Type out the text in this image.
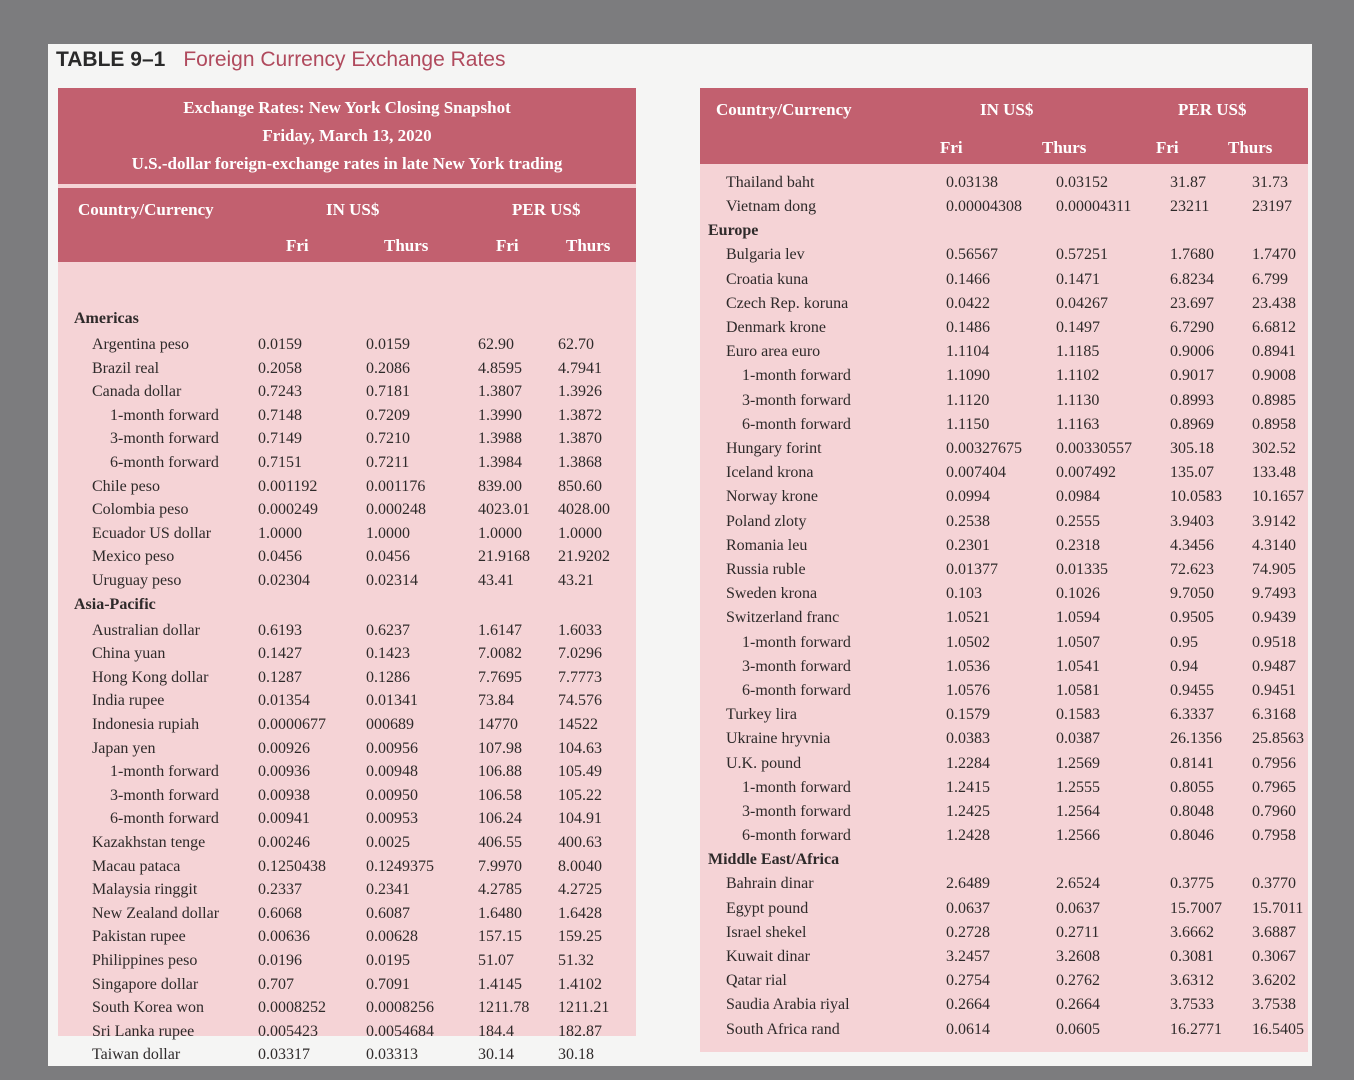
TABLE 9–1 Foreign Currency Exchange Rates
Exchange Rates: New York Closing Snapshot
Friday, March 13, 2020
U.S.-dollar foreign-exchange rates in late New York trading
Country/Currency	IN US$	PER US$
Fri	Thurs	Fri	Thurs
Americas
Argentina peso	0.0159	0.0159	62.90	62.70
Brazil real	0.2058	0.2086	4.8595 4.7941
Canada dollar	0.7243	0.7181	1.3807 1.3926
1-month forward 0.7148	0.7209	1.3990 1.3872
3-month forward 0.7149	0.7210	1.3988 1.3870
6-month forward 0.7151	0.7211	1.3984 1.3868
Chile peso	0.001192	0.001176	839.00 850.60
Colombia peso	0.000249	0.000248	4023.01 4028.00
Ecuador US dollar	1.0000	1.0000	1.0000 1.0000
Mexico peso	0.0456	0.0456	21.9168 21.9202
Uruguay peso	0.02304	0.02314	43.41	43.21
Asia-Pacific
Australian dollar	0.6193	0.6237	1.6147 1.6033
China yuan	0.1427	0.1423	7.0082 7.0296
Hong Kong dollar	0.1287	0.1286	7.7695 7.7773
India rupee	0.01354	0.01341	73.84	74.576
Indonesia rupiah	0.0000677	000689	14770	14522
Japan yen	0.00926	0.00956	107.98 104.63
1-month forward 0.00936	0.00948	106.88 105.49
3-month forward 0.00938	0.00950	106.58 105.22
6-month forward 0.00941	0.00953	106.24 104.91
Kazakhstan tenge	0.00246	0.0025	406.55 400.63
Macau pataca	0.1250438	0.1249375	7.9970 8.0040
Malaysia ringgit	0.2337	0.2341	4.2785 4.2725
New Zealand dollar 0.6068	0.6087	1.6480 1.6428
Pakistan rupee	0.00636	0.00628	157.15 159.25
Philippines peso	0.0196	0.0195	51.07	51.32
Singapore dollar	0.707	0.7091	1.4145 1.4102
South Korea won	0.0008252	0.0008256	1211.78 1211.21
Sri Lanka rupee	0.005423	0.0054684	184.4	182.87
Taiwan dollar	0.03317	0.03313	30.14	30.18
Country/Currency	IN US$	PER US$
Fri	Thurs	Fri	Thurs
Thailand baht	0.03138	0.03152	31.87	31.73
Vietnam dong	0.00004308 0.00004311 23211	23197
Europe
Bulgaria lev	0.56567	0.57251	1.7680 1.7470
Croatia kuna	0.1466	0.1471	6.8234 6.799
Czech Rep. koruna	0.0422	0.04267	23.697 23.438
Denmark krone	0.1486	0.1497	6.7290 6.6812
Euro area euro	1.1104	1.1185	0.9006 0.8941
1-month forward	1.1090	1.1102	0.9017 0.9008
3-month forward	1.1120	1.1130	0.8993 0.8985
6-month forward	1.1150	1.1163	0.8969 0.8958
Hungary forint	0.00327675 0.00330557 305.18 302.52
Iceland krona	0.007404	0.007492	135.07 133.48
Norway krone	0.0994	0.0984	10.0583 10.1657
Poland zloty	0.2538	0.2555	3.9403 3.9142
Romania leu	0.2301	0.2318	4.3456 4.3140
Russia ruble	0.01377	0.01335	72.623 74.905
Sweden krona	0.103	0.1026	9.7050 9.7493
Switzerland franc	1.0521	1.0594	0.9505 0.9439
1-month forward	1.0502	1.0507	0.95	0.9518
3-month forward	1.0536	1.0541	0.94	0.9487
6-month forward	1.0576	1.0581	0.9455 0.9451
Turkey lira	0.1579	0.1583	6.3337 6.3168
Ukraine hryvnia	0.0383	0.0387	26.1356 25.8563
U.K. pound	1.2284	1.2569	0.8141 0.7956
1-month forward	1.2415	1.2555	0.8055 0.7965
3-month forward	1.2425	1.2564	0.8048 0.7960
6-month forward	1.2428	1.2566	0.8046 0.7958
Middle East/Africa
Bahrain dinar	2.6489	2.6524	0.3775 0.3770
Egypt pound	0.0637	0.0637	15.7007 15.7011
Israel shekel	0.2728	0.2711	3.6662 3.6887
Kuwait dinar	3.2457	3.2608	0.3081 0.3067
Qatar rial	0.2754	0.2762	3.6312 3.6202
Saudia Arabia riyal	0.2664	0.2664	3.7533 3.7538
South Africa rand	0.0614	0.0605	16.2771 16.5405
